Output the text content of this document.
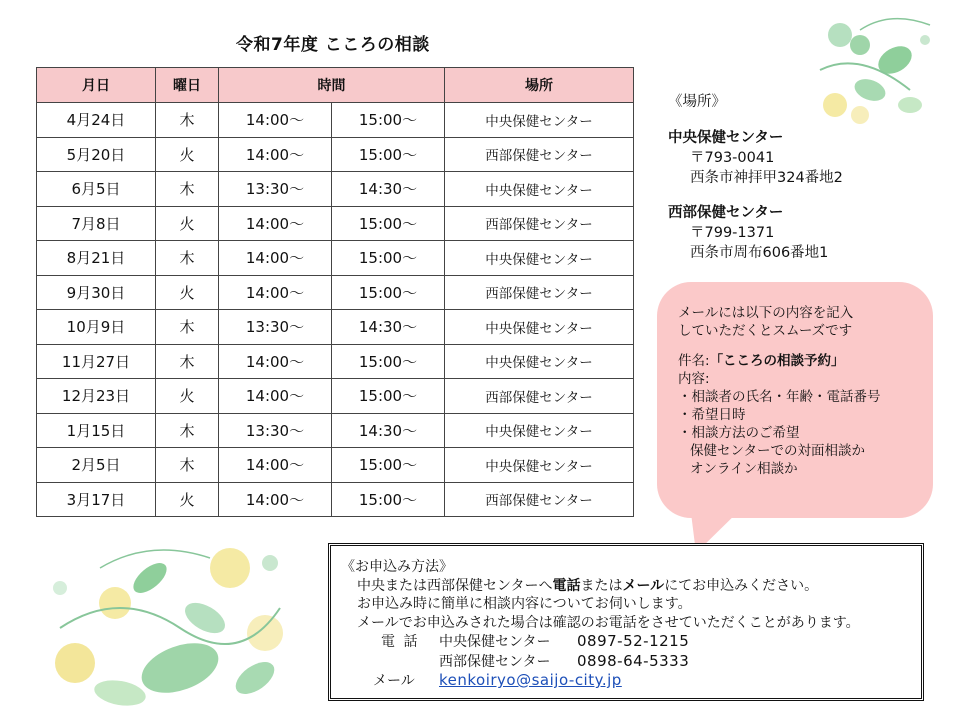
令和7年度 こころの相談
月日	曜日	時間		場所
4月24日	木	14:00〜	15:00〜	中央保健センター
5月20日	火	14:00〜	15:00〜	西部保健センター
6月5日	木	13:30〜	14:30〜	中央保健センター
7月8日	火	14:00〜	15:00〜	西部保健センター
8月21日	木	14:00〜	15:00〜	中央保健センター
9月30日	火	14:00〜	15:00〜	西部保健センター
10月9日	木	13:30〜	14:30〜	中央保健センター
11月27日	木	14:00〜	15:00〜	中央保健センター
12月23日	火	14:00〜	15:00〜	西部保健センター
1月15日	木	13:30〜	14:30〜	中央保健センター
2月5日	木	14:00〜	15:00〜	中央保健センター
3月17日	火	14:00〜	15:00〜	西部保健センター
《場所》
中央保健センター
〒793-0041
西条市神拝甲324番地2
西部保健センター
〒799-1371
西条市周布606番地1
メールには以下の内容を記入
していただくとスムーズです
件名:「こころの相談予約」
内容:
・相談者の氏名・年齢・電話番号
・希望日時
・相談方法のご希望
保健センターでの対面相談か
オンライン相談か
《お申込み方法》
中央または西部保健センターへ電話またはメールにてお申込みください。
お申込み時に簡単に相談内容についてお伺いします。
メールでお申込みされた場合は確認のお電話をさせていただくことがあります。
電 話 中央保健センター 0897-52-1215
西部保健センター 0898-64-5333
メール kenkoiryo@saijo-city.jp
